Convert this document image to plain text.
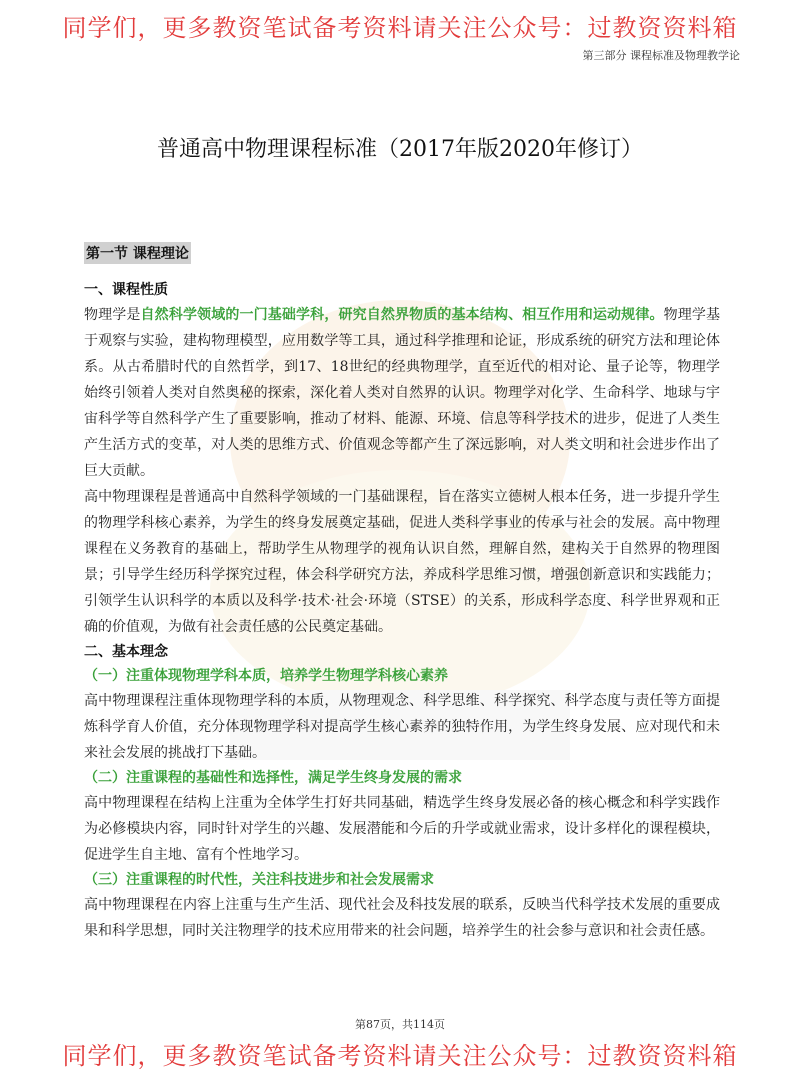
同学们，更多教资笔试备考资料请关注公众号：过教资资料箱
第三部分 课程标准及物理教学论
普通高中物理课程标准（2017年版2020年修订）
第一节 课程理论
一、课程性质

物理学是自然科学领域的一门基础学科，研究自然界物质的基本结构、相互作用和运动规律。物理学基于观察与实验，建构物理模型，应用数学等工具，通过科学推理和论证，形成系统的研究方法和理论体系。从古希腊时代的自然哲学，到17、18世纪的经典物理学，直至近代的相对论、量子论等，物理学始终引领着人类对自然奥秘的探索，深化着人类对自然界的认识。物理学对化学、生命科学、地球与宇宙科学等自然科学产生了重要影响，推动了材料、能源、环境、信息等科学技术的进步，促进了人类生产生活方式的变革，对人类的思维方式、价值观念等都产生了深远影响，对人类文明和社会进步作出了巨大贡献。

高中物理课程是普通高中自然科学领域的一门基础课程，旨在落实立德树人根本任务，进一步提升学生的物理学科核心素养，为学生的终身发展奠定基础，促进人类科学事业的传承与社会的发展。高中物理课程在义务教育的基础上，帮助学生从物理学的视角认识自然，理解自然，建构关于自然界的物理图景；引导学生经历科学探究过程，体会科学研究方法，养成科学思维习惯，增强创新意识和实践能力；引领学生认识科学的本质以及科学·技术·社会·环境（STSE）的关系，形成科学态度、科学世界观和正确的价值观，为做有社会责任感的公民奠定基础。

二、基本理念
（一）注重体现物理学科本质，培养学生物理学科核心素养

高中物理课程注重体现物理学科的本质，从物理观念、科学思维、科学探究、科学态度与责任等方面提炼科学育人价值，充分体现物理学科对提高学生核心素养的独特作用，为学生终身发展、应对现代和未来社会发展的挑战打下基础。

（二）注重课程的基础性和选择性，满足学生终身发展的需求

高中物理课程在结构上注重为全体学生打好共同基础，精选学生终身发展必备的核心概念和科学实践作为必修模块内容，同时针对学生的兴趣、发展潜能和今后的升学或就业需求，设计多样化的课程模块，促进学生自主地、富有个性地学习。

（三）注重课程的时代性，关注科技进步和社会发展需求

高中物理课程在内容上注重与生产生活、现代社会及科技发展的联系，反映当代科学技术发展的重要成果和科学思想，同时关注物理学的技术应用带来的社会问题，培养学生的社会参与意识和社会责任感。

第87页，共114页
同学们，更多教资笔试备考资料请关注公众号：过教资资料箱
